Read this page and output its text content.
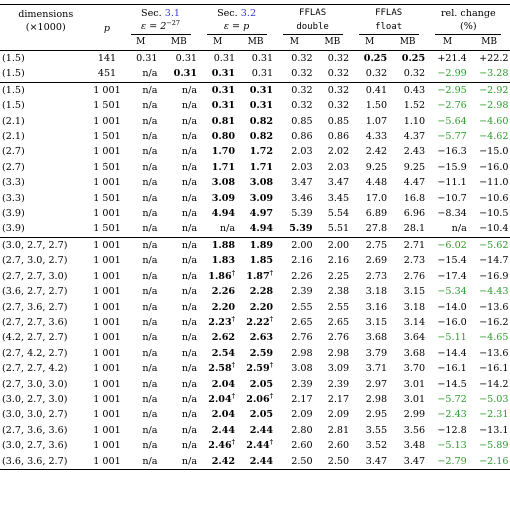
dimensions
(×1000)	p	Sec. 3.1		Sec. 3.2		FFLAS		FFLAS		rel. change	
		$\varepsilon = 2^{-27}$		ε = p		double		float		(%)	
		M	MB	M	MB	M	MB	M	MB	M	MB
(1.5)	141	0.31	0.31	0.31	0.31	0.32	0.32	0.25	0.25	+21.4	+22.2
(1.5)	451	n/a	0.31	0.31	0.31	0.32	0.32	0.32	0.32	−2.99	−3.28
(1.5)	1 001	n/a	n/a	0.31	0.31	0.32	0.32	0.41	0.43	−2.95	−2.92
(1.5)	1 501	n/a	n/a	0.31	0.31	0.32	0.32	1.50	1.52	−2.76	−2.98
(2.1)	1 001	n/a	n/a	0.81	0.82	0.85	0.85	1.07	1.10	−5.64	−4.60
(2.1)	1 501	n/a	n/a	0.80	0.82	0.86	0.86	4.33	4.37	−5.77	−4.62
(2.7)	1 001	n/a	n/a	1.70	1.72	2.03	2.02	2.42	2.43	−16.3	−15.0
(2.7)	1 501	n/a	n/a	1.71	1.71	2.03	2.03	9.25	9.25	−15.9	−16.0
(3.3)	1 001	n/a	n/a	3.08	3.08	3.47	3.47	4.48	4.47	−11.1	−11.0
(3.3)	1 501	n/a	n/a	3.09	3.09	3.46	3.45	17.0	16.8	−10.7	−10.6
(3.9)	1 001	n/a	n/a	4.94	4.97	5.39	5.54	6.89	6.96	−8.34	−10.5
(3.9)	1 501	n/a	n/a	n/a	4.94	5.39	5.51	27.8	28.1	n/a	−10.4
(3.0, 2.7, 2.7)	1 001	n/a	n/a	1.88	1.89	2.00	2.00	2.75	2.71	−6.02	−5.62
(2.7, 3.0, 2.7)	1 001	n/a	n/a	1.83	1.85	2.16	2.16	2.69	2.73	−15.4	−14.7
(2.7, 2.7, 3.0)	1 001	n/a	n/a	1.86†	1.87†	2.26	2.25	2.73	2.76	−17.4	−16.9
(3.6, 2.7, 2.7)	1 001	n/a	n/a	2.26	2.28	2.39	2.38	3.18	3.15	−5.34	−4.43
(2.7, 3.6, 2.7)	1 001	n/a	n/a	2.20	2.20	2.55	2.55	3.16	3.18	−14.0	−13.6
(2.7, 2.7, 3.6)	1 001	n/a	n/a	2.23†	2.22†	2.65	2.65	3.15	3.14	−16.0	−16.2
(4.2, 2.7, 2.7)	1 001	n/a	n/a	2.62	2.63	2.76	2.76	3.68	3.64	−5.11	−4.65
(2.7, 4.2, 2.7)	1 001	n/a	n/a	2.54	2.59	2.98	2.98	3.79	3.68	−14.4	−13.6
(2.7, 2.7, 4.2)	1 001	n/a	n/a	2.58†	2.59†	3.08	3.09	3.71	3.70	−16.1	−16.1
(2.7, 3.0, 3.0)	1 001	n/a	n/a	2.04	2.05	2.39	2.39	2.97	3.01	−14.5	−14.2
(3.0, 2.7, 3.0)	1 001	n/a	n/a	2.04†	2.06†	2.17	2.17	2.98	3.01	−5.72	−5.03
(3.0, 3.0, 2.7)	1 001	n/a	n/a	2.04	2.05	2.09	2.09	2.95	2.99	−2.43	−2.31
(2.7, 3.6, 3.6)	1 001	n/a	n/a	2.44	2.44	2.80	2.81	3.55	3.56	−12.8	−13.1
(3.0, 2.7, 3.6)	1 001	n/a	n/a	2.46†	2.44†	2.60	2.60	3.52	3.48	−5.13	−5.89
(3.6, 3.6, 2.7)	1 001	n/a	n/a	2.42	2.44	2.50	2.50	3.47	3.47	−2.79	−2.16
